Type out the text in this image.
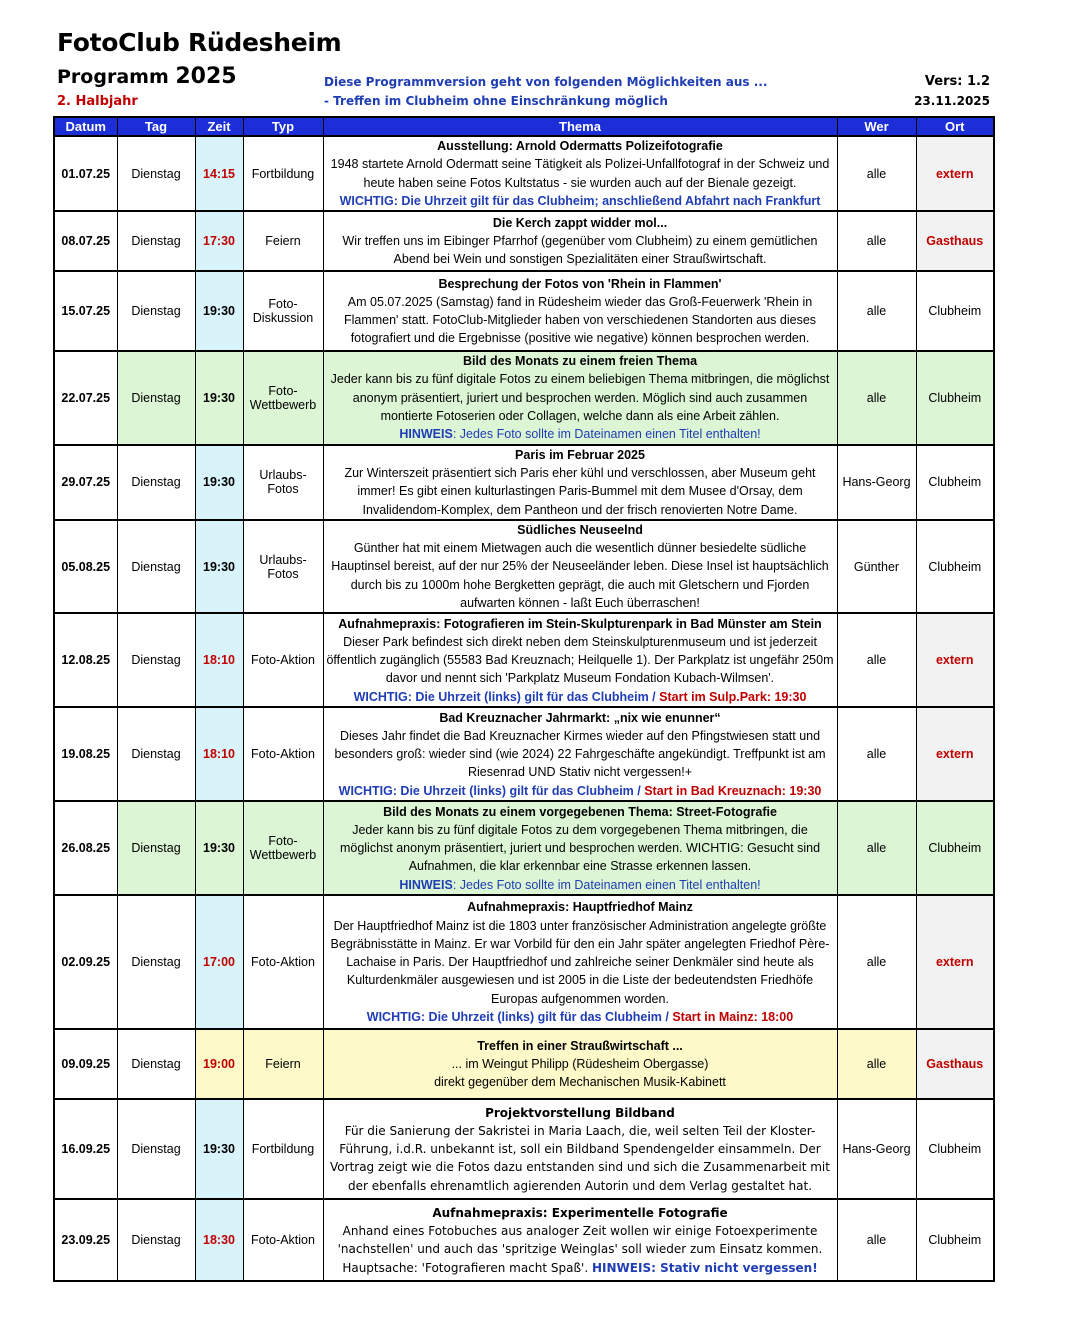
FotoClub Rüdesheim
Programm 2025
2. Halbjahr
Diese Programmversion geht von folgenden Möglichkeiten aus ...
- Treffen im Clubheim ohne Einschränkung möglich
Vers: 1.2
23.11.2025
Datum	Tag	Zeit	Typ	Thema	Wer	Ort
01.07.25	Dienstag	14:15	Fortbildung	Ausstellung: Arnold Odermatts Polizeifotografie
1948 startete Arnold Odermatt seine Tätigkeit als Polizei-Unfallfotograf in der Schweiz und heute haben seine Fotos Kultstatus - sie wurden auch auf der Bienale gezeigt.
WICHTIG: Die Uhrzeit gilt für das Clubheim; anschließend Abfahrt nach Frankfurt	alle	extern
08.07.25	Dienstag	17:30	Feiern	Die Kerch zappt widder mol...
Wir treffen uns im Eibinger Pfarrhof (gegenüber vom Clubheim) zu einem gemütlichen Abend bei Wein und sonstigen Spezialitäten einer Straußwirtschaft.	alle	Gasthaus
15.07.25	Dienstag	19:30	Foto-
Diskussion	Besprechung der Fotos von 'Rhein in Flammen'
Am 05.07.2025 (Samstag) fand in Rüdesheim wieder das Groß-Feuerwerk 'Rhein in Flammen' statt. FotoClub-Mitglieder haben von verschiedenen Standorten aus dieses fotografiert und die Ergebnisse (positive wie negative) können besprochen werden.	alle	Clubheim
22.07.25	Dienstag	19:30	Foto-
Wettbewerb	Bild des Monats zu einem freien Thema
Jeder kann bis zu fünf digitale Fotos zu einem beliebigen Thema mitbringen, die möglichst anonym präsentiert, juriert und besprochen werden. Möglich sind auch zusammen montierte Fotoserien oder Collagen, welche dann als eine Arbeit zählen.
HINWEIS: Jedes Foto sollte im Dateinamen einen Titel enthalten!	alle	Clubheim
29.07.25	Dienstag	19:30	Urlaubs-Fotos	Paris im Februar 2025
Zur Winterszeit präsentiert sich Paris eher kühl und verschlossen, aber Museum geht immer! Es gibt einen kulturlastingen Paris-Bummel mit dem Musee d'Orsay, dem Invalidendom-Komplex, dem Pantheon und der frisch renovierten Notre Dame.	Hans-Georg	Clubheim
05.08.25	Dienstag	19:30	Urlaubs-Fotos	Südliches Neuseelnd
Günther hat mit einem Mietwagen auch die wesentlich dünner besiedelte südliche Hauptinsel bereist, auf der nur 25% der Neuseeländer leben. Diese Insel ist hauptsächlich durch bis zu 1000m hohe Bergketten geprägt, die auch mit Gletschern und Fjorden aufwarten können - laßt Euch überraschen!	Günther	Clubheim
12.08.25	Dienstag	18:10	Foto-Aktion	Aufnahmepraxis: Fotografieren im Stein-Skulpturenpark in Bad Münster am Stein
Dieser Park befindest sich direkt neben dem Steinskulpturenmuseum und ist jederzeit öffentlich zugänglich (55583 Bad Kreuznach; Heilquelle 1). Der Parkplatz ist ungefähr 250m davor und nennt sich 'Parkplatz Museum Fondation Kubach-Wilmsen'.
WICHTIG: Die Uhrzeit (links) gilt für das Clubheim / Start im Sulp.Park: 19:30	alle	extern
19.08.25	Dienstag	18:10	Foto-Aktion	Bad Kreuznacher Jahrmarkt: „nix wie enunner“
Dieses Jahr findet die Bad Kreuznacher Kirmes wieder auf den Pfingstwiesen statt und besonders groß: wieder sind (wie 2024) 22 Fahrgeschäfte angekündigt. Treffpunkt ist am Riesenrad UND Stativ nicht vergessen!+
WICHTIG: Die Uhrzeit (links) gilt für das Clubheim / Start in Bad Kreuznach: 19:30	alle	extern
26.08.25	Dienstag	19:30	Foto-
Wettbewerb	Bild des Monats zu einem vorgegebenen Thema: Street-Fotografie
Jeder kann bis zu fünf digitale Fotos zu dem vorgegebenen Thema mitbringen, die möglichst anonym präsentiert, juriert und besprochen werden. WICHTIG: Gesucht sind Aufnahmen, die klar erkennbar eine Strasse erkennen lassen.
HINWEIS: Jedes Foto sollte im Dateinamen einen Titel enthalten!	alle	Clubheim
02.09.25	Dienstag	17:00	Foto-Aktion	Aufnahmepraxis: Hauptfriedhof Mainz
Der Hauptfriedhof Mainz ist die 1803 unter französischer Administration angelegte größte Begräbnisstätte in Mainz. Er war Vorbild für den ein Jahr später angelegten Friedhof Père-Lachaise in Paris. Der Hauptfriedhof und zahlreiche seiner Denkmäler sind heute als Kulturdenkmäler ausgewiesen und ist 2005 in die Liste der bedeutendsten Friedhöfe Europas aufgenommen worden.
WICHTIG: Die Uhrzeit (links) gilt für das Clubheim / Start in Mainz: 18:00	alle	extern
09.09.25	Dienstag	19:00	Feiern	Treffen in einer Straußwirtschaft ...
... im Weingut Philipp (Rüdesheim Obergasse)
direkt gegenüber dem Mechanischen Musik-Kabinett	alle	Gasthaus
16.09.25	Dienstag	19:30	Fortbildung	Projektvorstellung Bildband
Für die Sanierung der Sakristei in Maria Laach, die, weil selten Teil der Kloster-Führung, i.d.R. unbekannt ist, soll ein Bildband Spendengelder einsammeln. Der Vortrag zeigt wie die Fotos dazu entstanden sind und sich die Zusammenarbeit mit der ebenfalls ehrenamtlich agierenden Autorin und dem Verlag gestaltet hat.	Hans-Georg	Clubheim
23.09.25	Dienstag	18:30	Foto-Aktion	Aufnahmepraxis: Experimentelle Fotografie
Anhand eines Fotobuches aus analoger Zeit wollen wir einige Fotoexperimente 'nachstellen' und auch das 'spritzige Weinglas' soll wieder zum Einsatz kommen. Hauptsache: 'Fotografieren macht Spaß'. HINWEIS: Stativ nicht vergessen!	alle	Clubheim
